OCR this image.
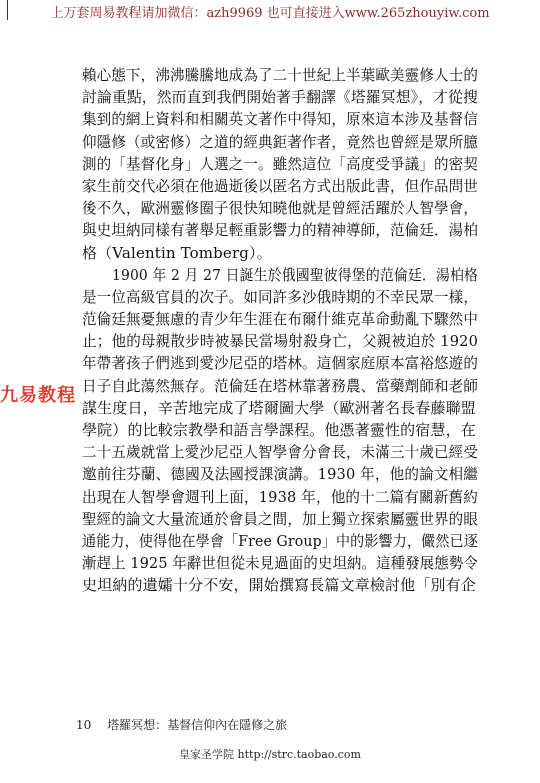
上万套周易教程请加微信：azh9969 也可直接进入www.265zhouyiw.com
賴心態下，沸沸騰騰地成為了二十世紀上半葉歐美靈修人士的
討論重點，然而直到我們開始著手翻譯《塔羅冥想》，才從搜
集到的網上資料和相關英文著作中得知，原來這本涉及基督信
仰隱修（或密修）之道的經典鉅著作者，竟然也曾經是眾所臆
測的「基督化身」人選之一。雖然這位「高度受爭議」的密契
家生前交代必須在他過逝後以匿名方式出版此書，但作品問世
後不久，歐洲靈修圈子很快知曉他就是曾經活躍於人智學會，
與史坦納同樣有著舉足輕重影響力的精神導師，范倫廷．湯柏
格（Valentin Tomberg）。
1900 年 2 月 27 日誕生於俄國聖彼得堡的范倫廷．湯柏格
是一位高級官員的次子。如同許多沙俄時期的不幸民眾一樣，
范倫廷無憂無慮的青少年生涯在布爾什維克革命動亂下驟然中
止；他的母親散步時被暴民當場射殺身亡，父親被迫於 1920
年帶著孩子們逃到愛沙尼亞的塔林。這個家庭原本富裕悠遊的
日子自此蕩然無存。范倫廷在塔林靠著務農、當藥劑師和老師
謀生度日，辛苦地完成了塔爾圖大學（歐洲著名長春藤聯盟
學院）的比較宗教學和語言學課程。他憑著靈性的宿慧，在
二十五歲就當上愛沙尼亞人智學會分會長，未滿三十歲已經受
邀前往芬蘭、德國及法國授課演講。1930 年，他的論文相繼
出現在人智學會週刊上面，1938 年，他的十二篇有關新舊約
聖經的論文大量流通於會員之間，加上獨立探索屬靈世界的眼
通能力，使得他在學會「Free Group」中的影響力，儼然已逐
漸趕上 1925 年辭世但從未見過面的史坦納。這種發展態勢令
史坦納的遺孀十分不安，開始撰寫長篇文章檢討他「別有企
九易教程
10 塔羅冥想：基督信仰內在隱修之旅
皇家圣学院 http://strc.taobao.com
